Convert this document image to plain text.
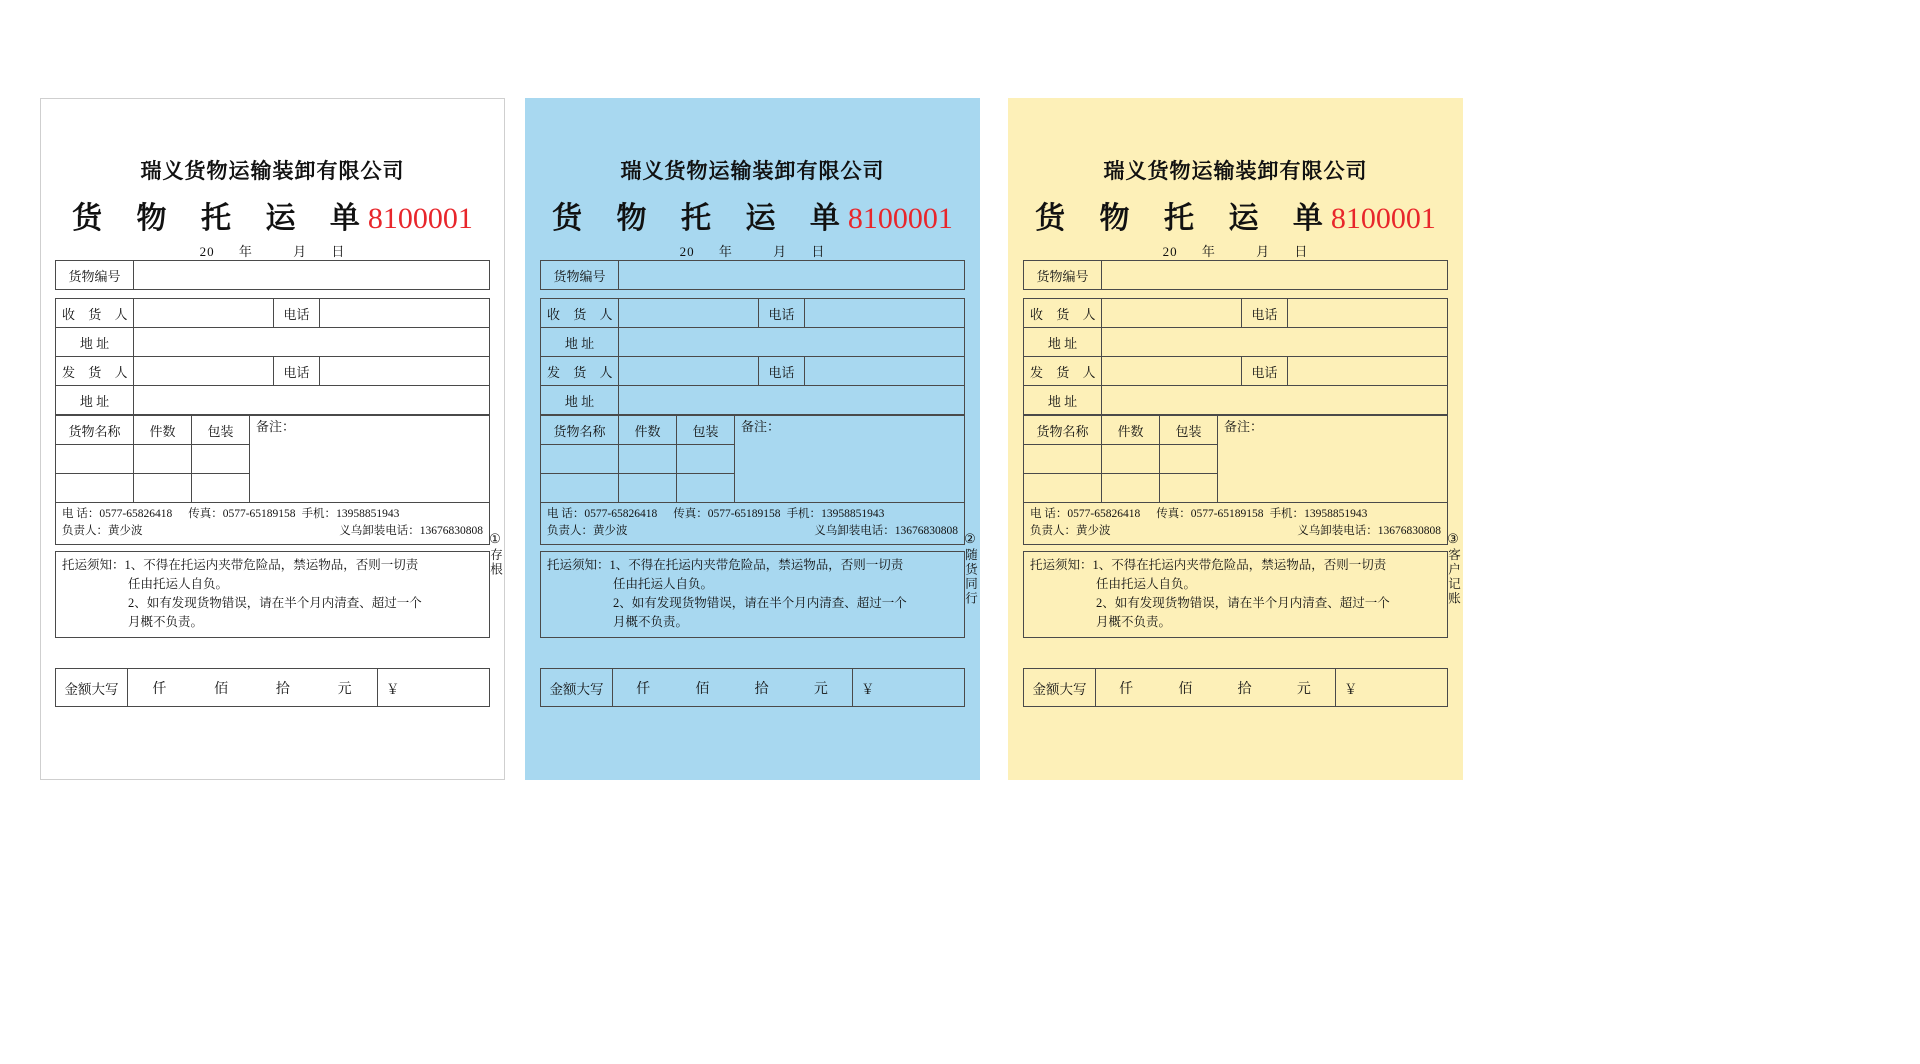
瑞义货物运输装卸有限公司
货 物 托 运 单
8100001
20 年	月 日
货物编号	
收 货 人		电话	
地 址			
发 货 人		电话	
地 址			
货物名称	件数	包装	备注：

电 话： 0577-65826418 传真： 0577-65189158 手机： 13958851943
负责人：黄少波	义乌卸装电话：13676830808
托运须知： 1、不得在托运内夹带危险品，禁运物品，否则一切责
任由托运人自负。
2、如有发现货物错误，请在半个月内清查、超过一个
月概不负责。
金额大写	仟	佰	拾	元	￥
①
存根
瑞义货物运输装卸有限公司
货 物 托 运 单
8100001
20 年	月 日
货物编号	
收 货 人		电话	
地 址			
发 货 人		电话	
地 址			
货物名称	件数	包装	备注：

电 话： 0577-65826418 传真： 0577-65189158 手机： 13958851943
负责人：黄少波	义乌卸装电话：13676830808
托运须知： 1、不得在托运内夹带危险品，禁运物品，否则一切责
任由托运人自负。
2、如有发现货物错误，请在半个月内清查、超过一个
月概不负责。
金额大写	仟	佰	拾	元	￥
②
随货同行
瑞义货物运输装卸有限公司
货 物 托 运 单
8100001
20 年	月 日
货物编号	
收 货 人		电话	
地 址			
发 货 人		电话	
地 址			
货物名称	件数	包装	备注：

电 话： 0577-65826418 传真： 0577-65189158 手机： 13958851943
负责人：黄少波	义乌卸装电话：13676830808
托运须知： 1、不得在托运内夹带危险品，禁运物品，否则一切责
任由托运人自负。
2、如有发现货物错误，请在半个月内清查、超过一个
月概不负责。
金额大写	仟	佰	拾	元	￥
③
客户记账
